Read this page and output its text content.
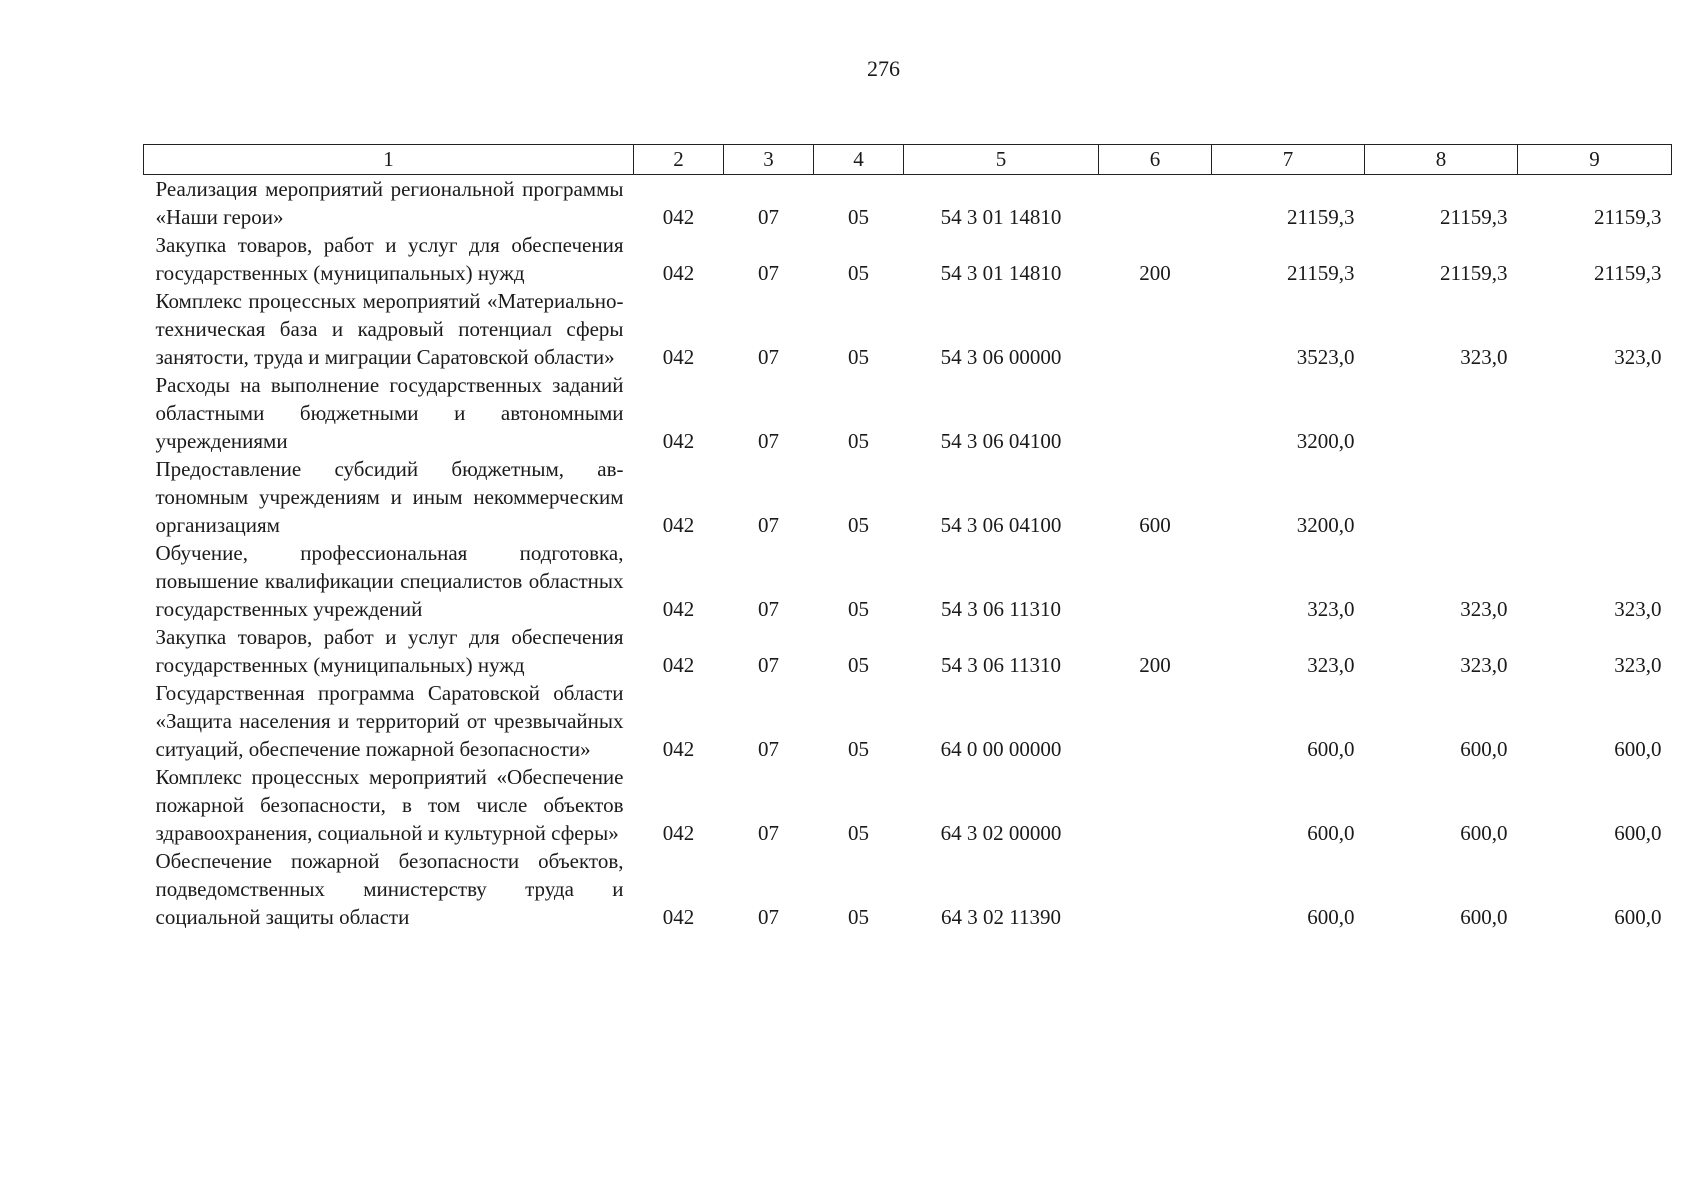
276
1	2	3	4	5	6	7	8	9
Реализация мероприятий региональной программы «Наши герои»	042	07	05	54 3 01 14810		21159,3	21159,3	21159,3
Закупка товаров, работ и услуг для обеспечения государственных (муниципальных) нужд	042	07	05	54 3 01 14810	200	21159,3	21159,3	21159,3
Комплекс процессных мероприятий «Материально-техническая база и кадровый потенциал сферы занятости, труда и миграции Саратовской области»	042	07	05	54 3 06 00000		3523,0	323,0	323,0
Расходы на выполнение государственных заданий областными бюджетными и автономными учреждениями	042	07	05	54 3 06 04100		3200,0		
Предоставление субсидий бюджетным, автономным учреждениям и иным некоммерческим организациям	042	07	05	54 3 06 04100	600	3200,0		
Обучение, профессиональная подготовка, повышение квалификации специалистов областных государственных учреждений	042	07	05	54 3 06 11310		323,0	323,0	323,0
Закупка товаров, работ и услуг для обеспечения государственных (муниципальных) нужд	042	07	05	54 3 06 11310	200	323,0	323,0	323,0
Государственная программа Саратовской области «Защита населения и территорий от чрезвычайных ситуаций, обеспечение пожарной безопасности»	042	07	05	64 0 00 00000		600,0	600,0	600,0
Комплекс процессных мероприятий «Обеспечение пожарной безопасности, в том числе объектов здравоохранения, социальной и культурной сферы»	042	07	05	64 3 02 00000		600,0	600,0	600,0
Обеспечение пожарной безопасности объектов, подведомственных министерству труда и социальной защиты области	042	07	05	64 3 02 11390		600,0	600,0	600,0
